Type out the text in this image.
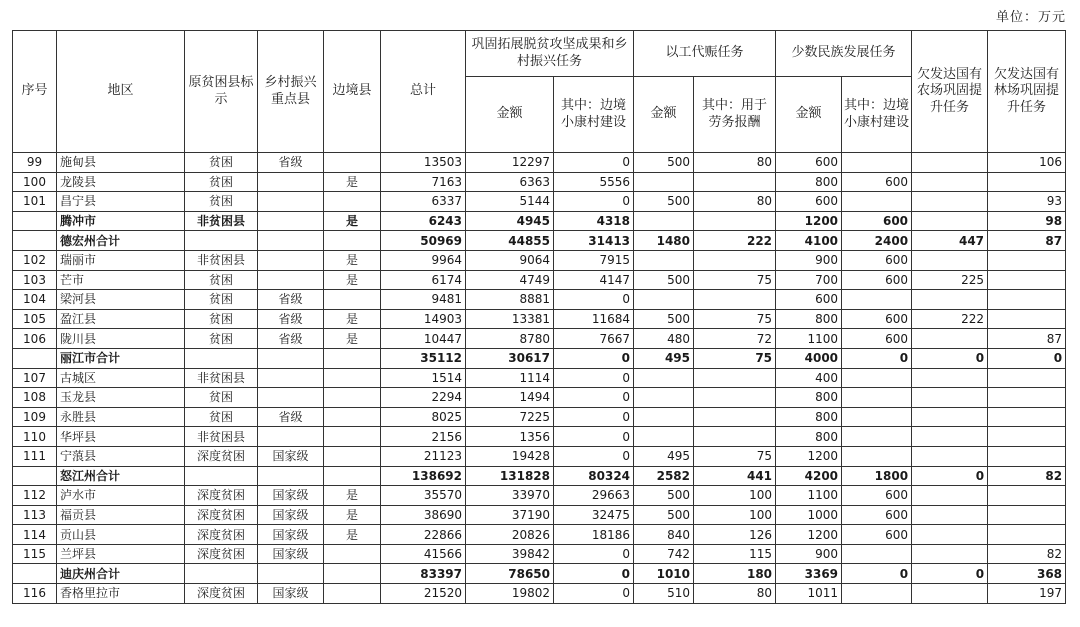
单位：万元
序号	地区	原贫困县标示	乡村振兴重点县	边境县	总计	巩固拓展脱贫攻坚成果和乡村振兴任务		以工代赈任务		少数民族发展任务		欠发达国有农场巩固提升任务	欠发达国有林场巩固提升任务
						金额	其中：边境小康村建设	金额	其中：用于劳务报酬	金额	其中：边境小康村建设		
99	施甸县	贫困	省级		13503	12297	0	500	80	600			106
100	龙陵县	贫困		是	7163	6363	5556			800	600		
101	昌宁县	贫困			6337	5144	0	500	80	600			93
	腾冲市	非贫困县		是	6243	4945	4318			1200	600		98
	德宏州合计				50969	44855	31413	1480	222	4100	2400	447	87
102	瑞丽市	非贫困县		是	9964	9064	7915			900	600		
103	芒市	贫困		是	6174	4749	4147	500	75	700	600	225	
104	梁河县	贫困	省级		9481	8881	0			600			
105	盈江县	贫困	省级	是	14903	13381	11684	500	75	800	600	222	
106	陇川县	贫困	省级	是	10447	8780	7667	480	72	1100	600		87
	丽江市合计				35112	30617	0	495	75	4000	0	0	0
107	古城区	非贫困县			1514	1114	0			400			
108	玉龙县	贫困			2294	1494	0			800			
109	永胜县	贫困	省级		8025	7225	0			800			
110	华坪县	非贫困县			2156	1356	0			800			
111	宁蒗县	深度贫困	国家级		21123	19428	0	495	75	1200			
	怒江州合计				138692	131828	80324	2582	441	4200	1800	0	82
112	泸水市	深度贫困	国家级	是	35570	33970	29663	500	100	1100	600		
113	福贡县	深度贫困	国家级	是	38690	37190	32475	500	100	1000	600		
114	贡山县	深度贫困	国家级	是	22866	20826	18186	840	126	1200	600		
115	兰坪县	深度贫困	国家级		41566	39842	0	742	115	900			82
	迪庆州合计				83397	78650	0	1010	180	3369	0	0	368
116	香格里拉市	深度贫困	国家级		21520	19802	0	510	80	1011			197
